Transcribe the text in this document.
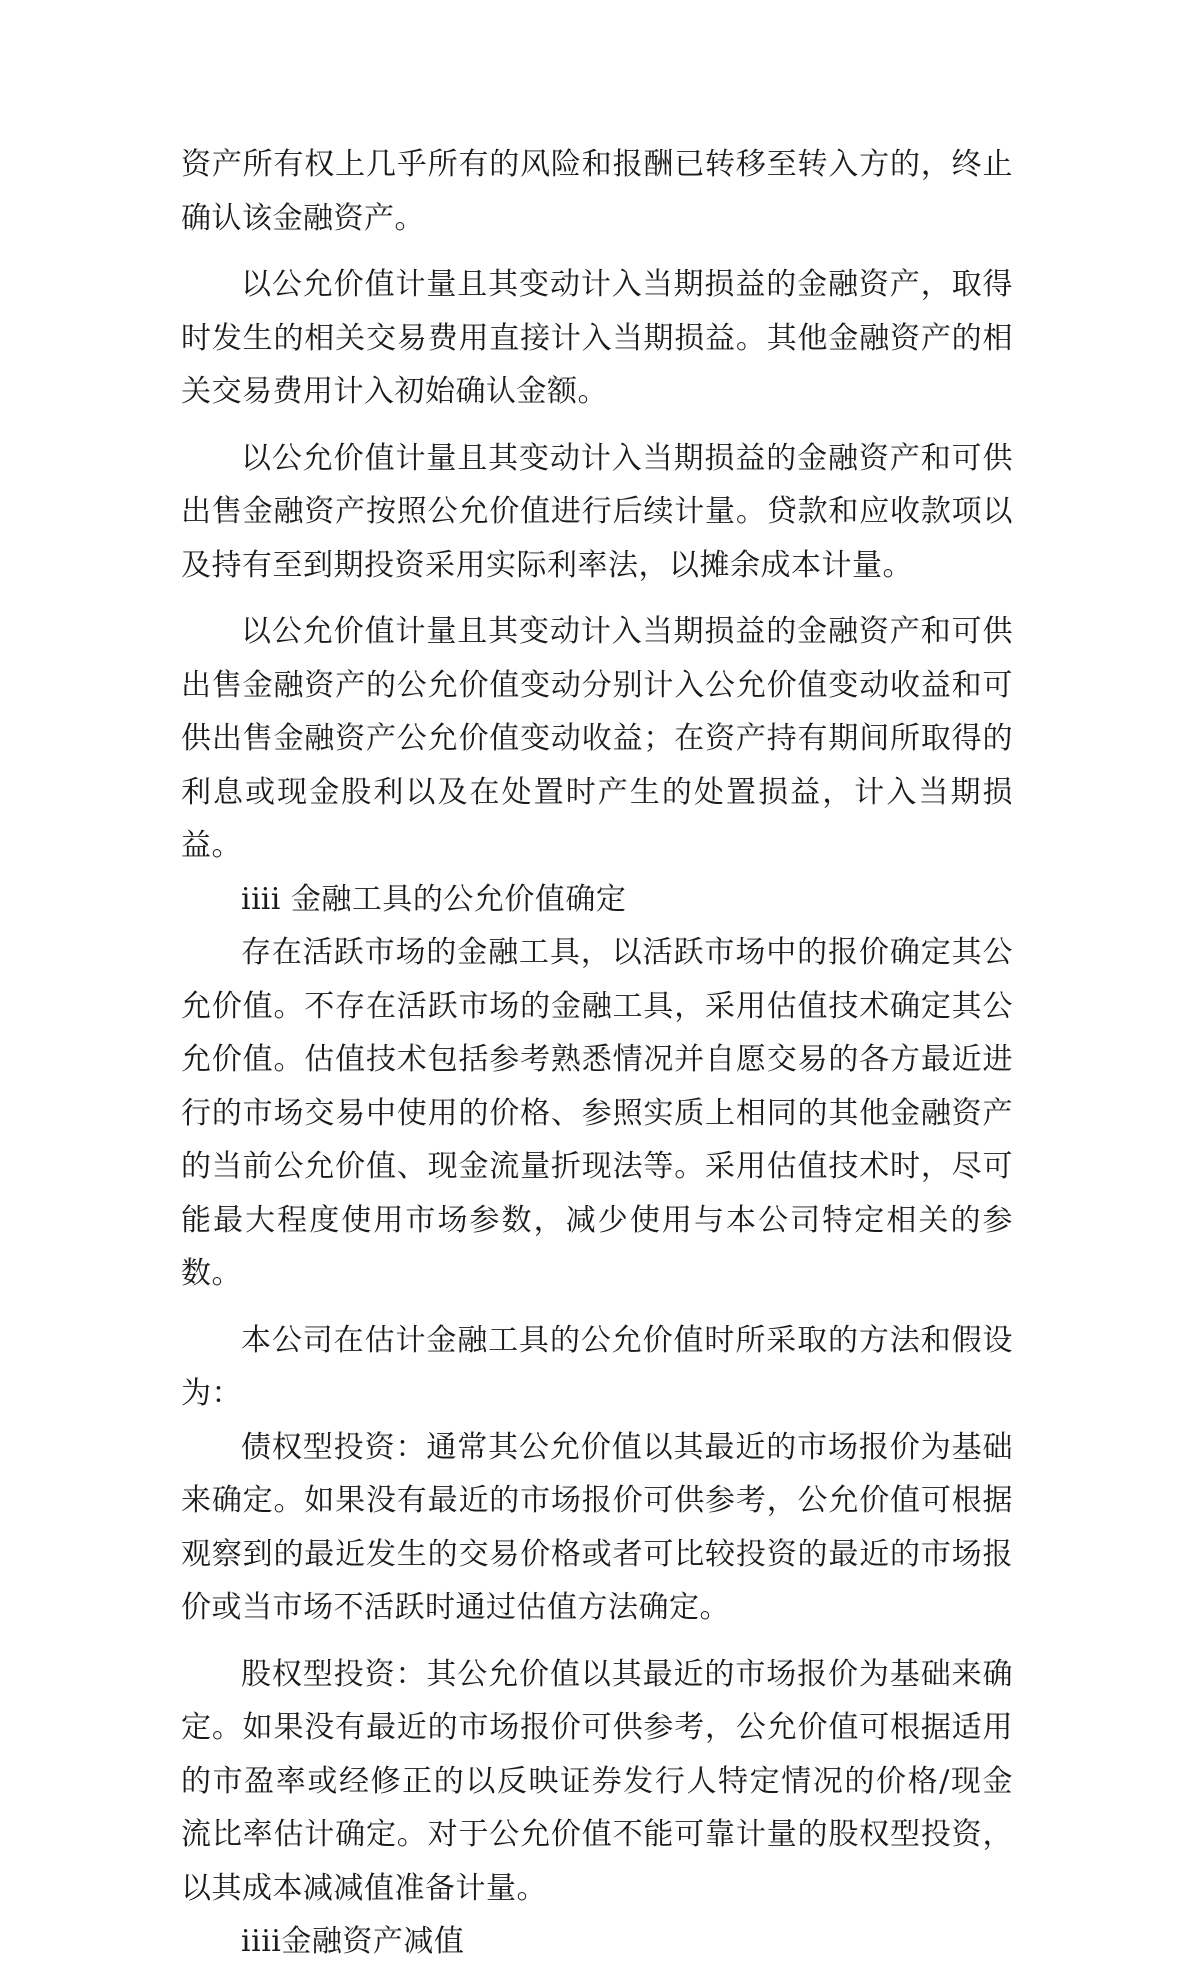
资产所有权上几乎所有的风险和报酬已转移至转入方的，终止确认该金融资产。

以公允价值计量且其变动计入当期损益的金融资产，取得时发生的相关交易费用直接计入当期损益。其他金融资产的相关交易费用计入初始确认金额。

以公允价值计量且其变动计入当期损益的金融资产和可供出售金融资产按照公允价值进行后续计量。贷款和应收款项以及持有至到期投资采用实际利率法，以摊余成本计量。

以公允价值计量且其变动计入当期损益的金融资产和可供出售金融资产的公允价值变动分别计入公允价值变动收益和可供出售金融资产公允价值变动收益；在资产持有期间所取得的利息或现金股利以及在处置时产生的处置损益，计入当期损益。

iⅱi 金融工具的公允价值确定

存在活跃市场的金融工具，以活跃市场中的报价确定其公允价值。不存在活跃市场的金融工具，采用估值技术确定其公允价值。估值技术包括参考熟悉情况并自愿交易的各方最近进行的市场交易中使用的价格、参照实质上相同的其他金融资产的当前公允价值、现金流量折现法等。采用估值技术时，尽可能最大程度使用市场参数，减少使用与本公司特定相关的参数。

本公司在估计金融工具的公允价值时所采取的方法和假设为：

债权型投资：通常其公允价值以其最近的市场报价为基础来确定。如果没有最近的市场报价可供参考，公允价值可根据观察到的最近发生的交易价格或者可比较投资的最近的市场报价或当市场不活跃时通过估值方法确定。

股权型投资：其公允价值以其最近的市场报价为基础来确定。如果没有最近的市场报价可供参考，公允价值可根据适用的市盈率或经修正的以反映证券发行人特定情况的价格/现金流比率估计确定。对于公允价值不能可靠计量的股权型投资，以其成本减减值准备计量。

iiⅰi金融资产减值
